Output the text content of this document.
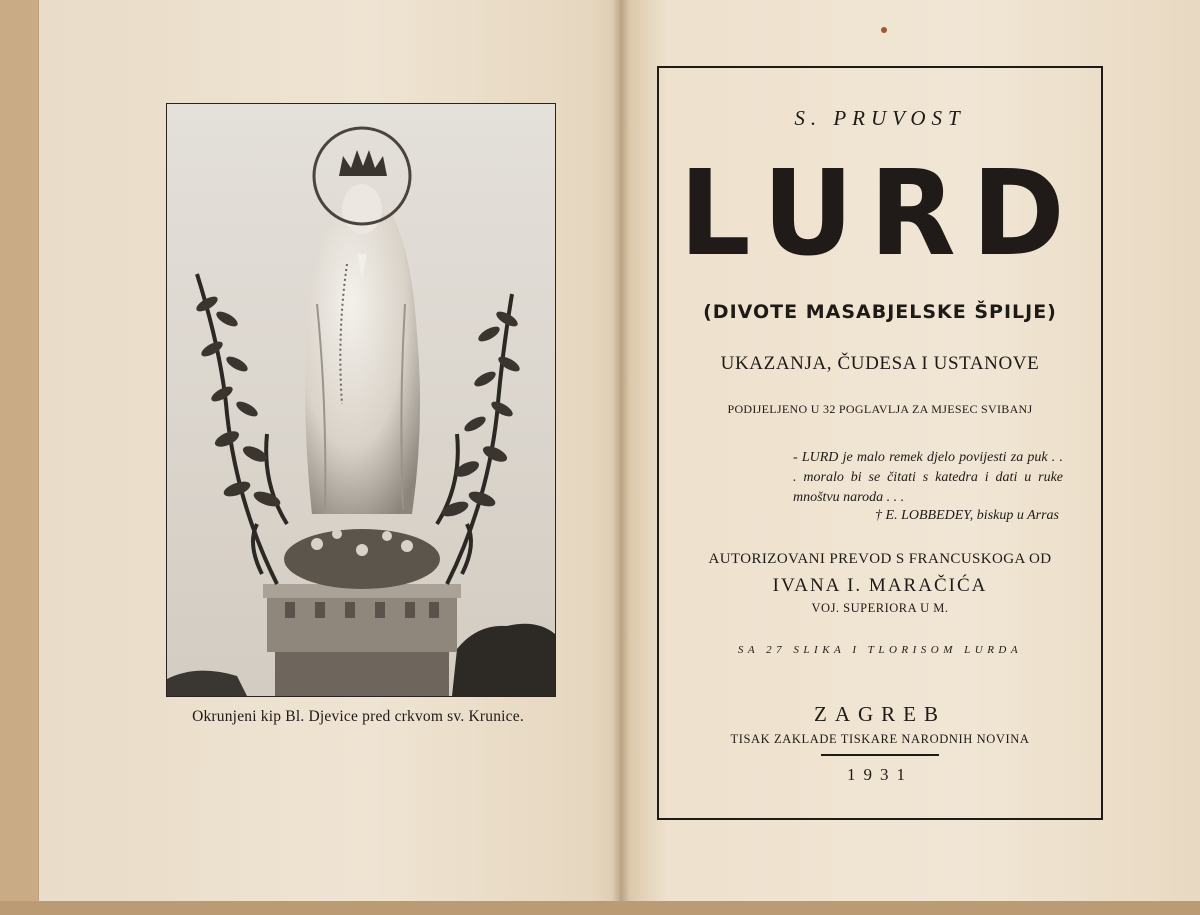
Okrunjeni kip Bl. Djevice pred crkvom sv. Krunice.
S. PRUVOST
LURD
(DIVOTE MASABJELSKE ŠPILJE)
UKAZANJA, ČUDESA I USTANOVE
PODIJELJENO U 32 POGLAVLJA ZA MJESEC SVIBANJ
- LURD je malo remek djelo povijesti za puk . . . moralo bi se čitati s katedra i dati u ruke mnoštvu naroda . . .
† E. LOBBEDEY, biskup u Arras
AUTORIZOVANI PREVOD S FRANCUSKOGA OD
IVANA I. MARAČIĆA
VOJ. SUPERIORA U M.
SA 27 SLIKA I TLORISOM LURDA
ZAGREB
TISAK ZAKLADE TISKARE NARODNIH NOVINA
1931
